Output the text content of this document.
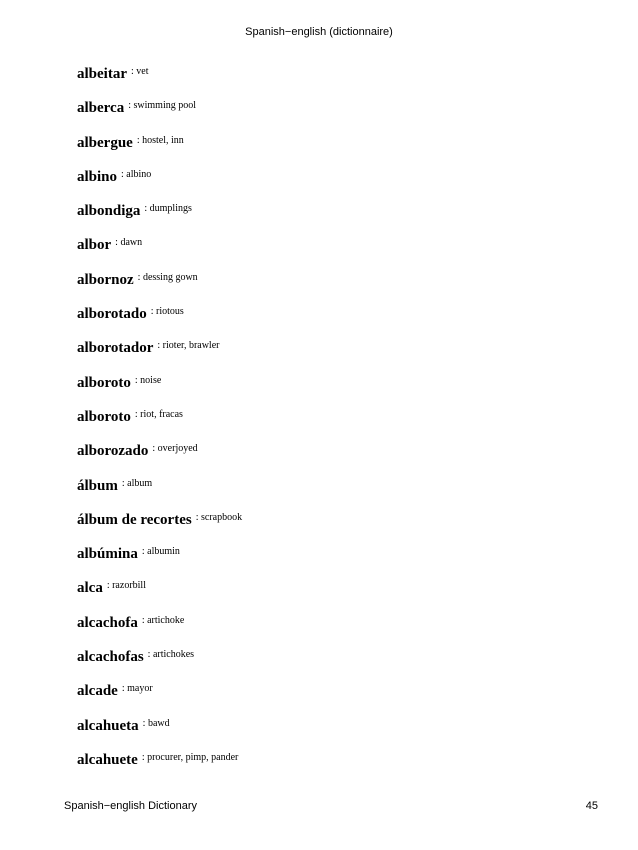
Spanish−english (dictionnaire)
albeitar $^{: vet}$
alberca $^{: swimming pool}$
albergue $^{: hostel, inn}$
albino $^{: albino}$
albondiga $^{: dumplings}$
albor $^{: dawn}$
albornoz $^{: dessing gown}$
alborotado $^{: riotous}$
alborotador $^{: rioter, brawler}$
alboroto $^{: noise}$
alboroto $^{: riot, fracas}$
alborozado $^{: overjoyed}$
álbum $^{: album}$
álbum de recortes $^{: scrapbook}$
albúmina $^{: albumin}$
alca $^{: razorbill}$
alcachofa $^{: artichoke}$
alcachofas $^{: artichokes}$
alcade $^{: mayor}$
alcahueta $^{: bawd}$
alcahuete $^{: procurer, pimp, pander}$
Spanish−english Dictionary	45
